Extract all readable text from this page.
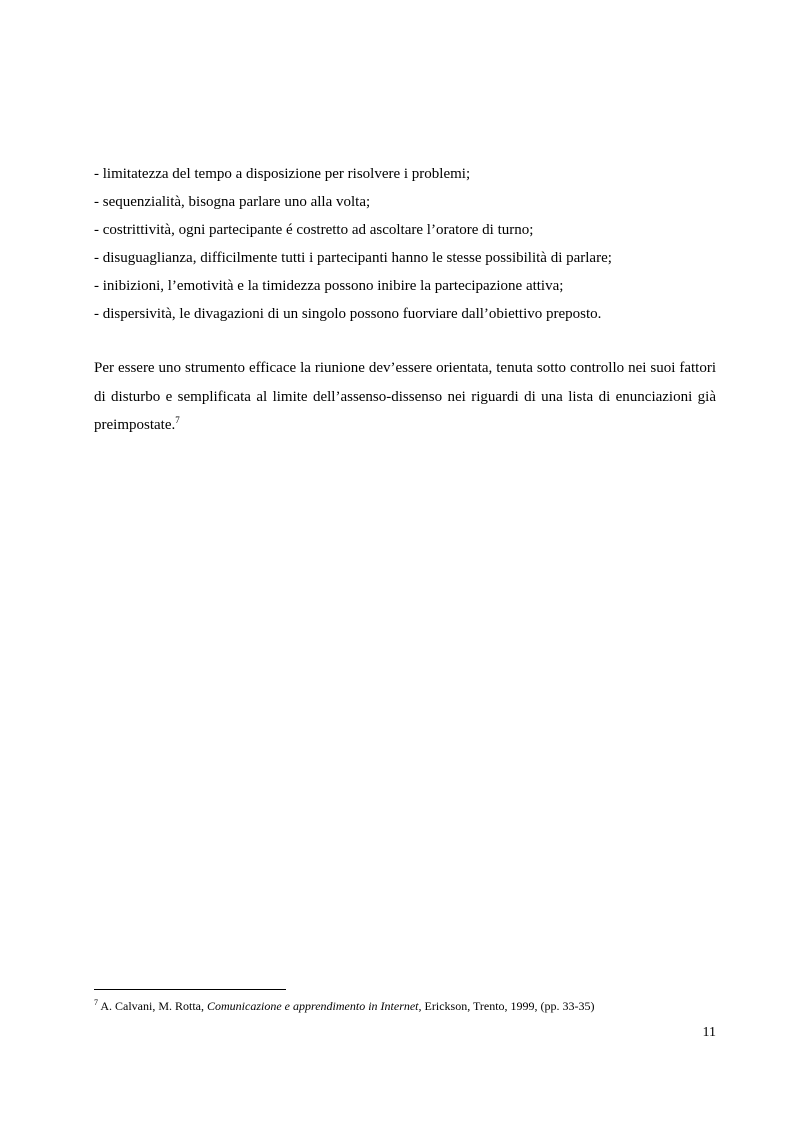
- limitatezza del tempo a disposizione per risolvere i problemi;
- sequenzialità, bisogna parlare uno alla volta;
- costrittività, ogni partecipante é costretto ad ascoltare l’oratore di turno;
- disuguaglianza, difficilmente tutti i partecipanti hanno le stesse possibilità di parlare;
- inibizioni, l’emotività e la timidezza possono inibire la partecipazione attiva;
- dispersività, le divagazioni di un singolo possono fuorviare dall’obiettivo preposto.

Per essere uno strumento efficace la riunione dev’essere orientata, tenuta sotto controllo nei suoi fattori di disturbo e semplificata al limite dell’assenso-dissenso nei riguardi di una lista di enunciazioni già preimpostate.$^7$

$^7$ A. Calvani, M. Rotta, Comunicazione e apprendimento in Internet, Erickson, Trento, 1999, (pp. 33-35)
11
